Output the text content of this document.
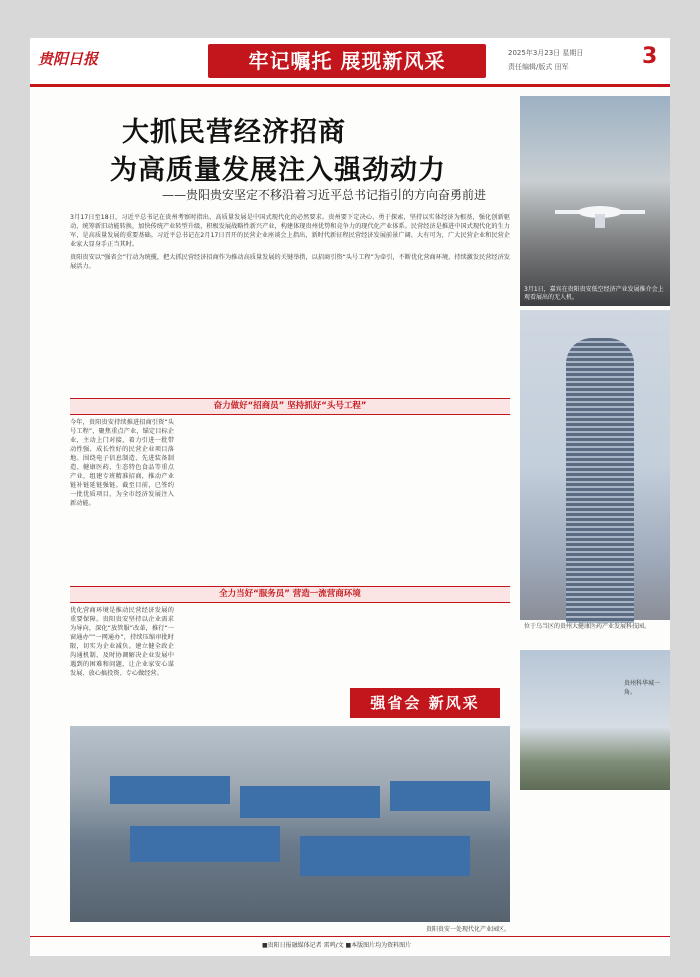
贵阳日报	牢记嘱托 展现新风采	2025年3月23日 星期日
责任编辑/版式 田军	3
大抓民营经济招商
为高质量发展注入强劲动力
——贵阳贵安坚定不移沿着习近平总书记指引的方向奋勇前进
3月17日至18日，习近平总书记在贵州考察时指出，高质量发展是中国式现代化的必然要求。贵州要下定决心、勇于探索，坚持以实体经济为根基，强化创新驱动，统筹新旧动能转换，加快传统产业转型升级，积极发展战略性新兴产业，构建体现贵州优势和竞争力的现代化产业体系。民营经济是推进中国式现代化的生力军，是高质量发展的重要基础。习近平总书记在2月17日召开的民营企业座谈会上指出，新时代新征程民营经济发展前景广阔、大有可为，广大民营企业和民营企业家大显身手正当其时。
贵阳贵安以“强省会”行动为统揽，把大抓民营经济招商作为推动高质量发展的关键举措，以招商引资“头号工程”为牵引，不断优化营商环境，持续激发民营经济发展活力。
奋力做好“招商员” 坚持抓好“头号工程”
今年，贵阳贵安持续推进招商引资“头号工程”，聚焦重点产业，锚定目标企业，主动上门对接，着力引进一批带动性强、成长性好的民营企业项目落地。围绕电子信息制造、先进装备制造、健康医药、生态特色食品等重点产业，组建专班精准招商，推动产业链补链延链强链。截至目前，已签约一批优质项目，为全市经济发展注入新动能。
全力当好“服务员” 营造一流营商环境
优化营商环境是推动民营经济发展的重要保障。贵阳贵安坚持以企业需求为导向，深化“放管服”改革，推行“一窗通办”“一网通办”，持续压缩审批时限，切实为企业减负。建立健全政企沟通机制，及时协调解决企业发展中遇到的困难和问题，让企业家安心谋发展、放心搞投资、专心做经营。
3月1日，嘉宾在贵阳贵安低空经济产业发展推介会上观看展出的无人机。
位于乌当区的贵州大健康医药产业发展科技园。
贵州科华城一角。
强省会 新风采
贵阳贵安一处现代化产业园区。
■贵阳日报融媒体记者 雷鸣/文 ■本版图片均为资料图片
